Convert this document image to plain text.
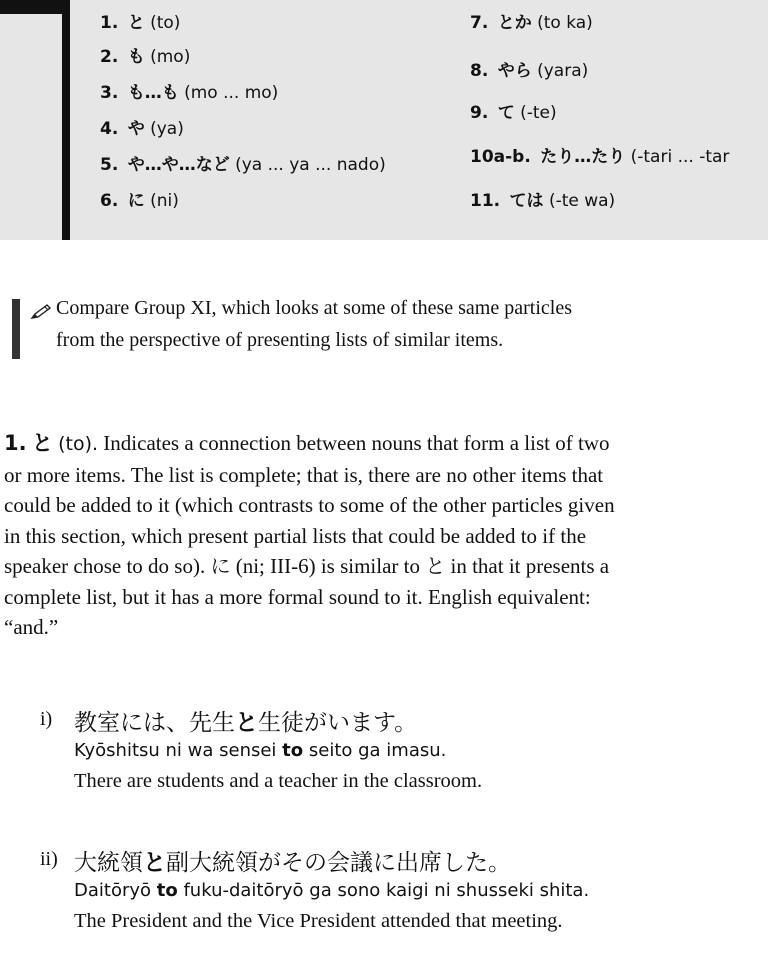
1. と (to)
2. も (mo)
3. も…も (mo ... mo)
4. や (ya)
5. や…や…など (ya ... ya ... nado)
6. に (ni)
7. とか (to ka)
8. やら (yara)
9. て (-te)
10a-b. たり…たり (-tari ... -tar
11. ては (-te wa)
Compare Group XI, which looks at some of these same particles
from the perspective of presenting lists of similar items.
1. と (to). Indicates a connection between nouns that form a list of two
or more items. The list is complete; that is, there are no other items that
could be added to it (which contrasts to some of the other particles given
in this section, which present partial lists that could be added to if the
speaker chose to do so). に (ni; III-6) is similar to と in that it presents a
complete list, but it has a more formal sound to it. English equivalent:
“and.”
i) 教室には、先生と生徒がいます。
Kyōshitsu ni wa sensei to seito ga imasu.
There are students and a teacher in the classroom.
ii) 大統領と副大統領がその会議に出席した。
Daitōryō to fuku-daitōryō ga sono kaigi ni shusseki shita.
The President and the Vice President attended that meeting.
